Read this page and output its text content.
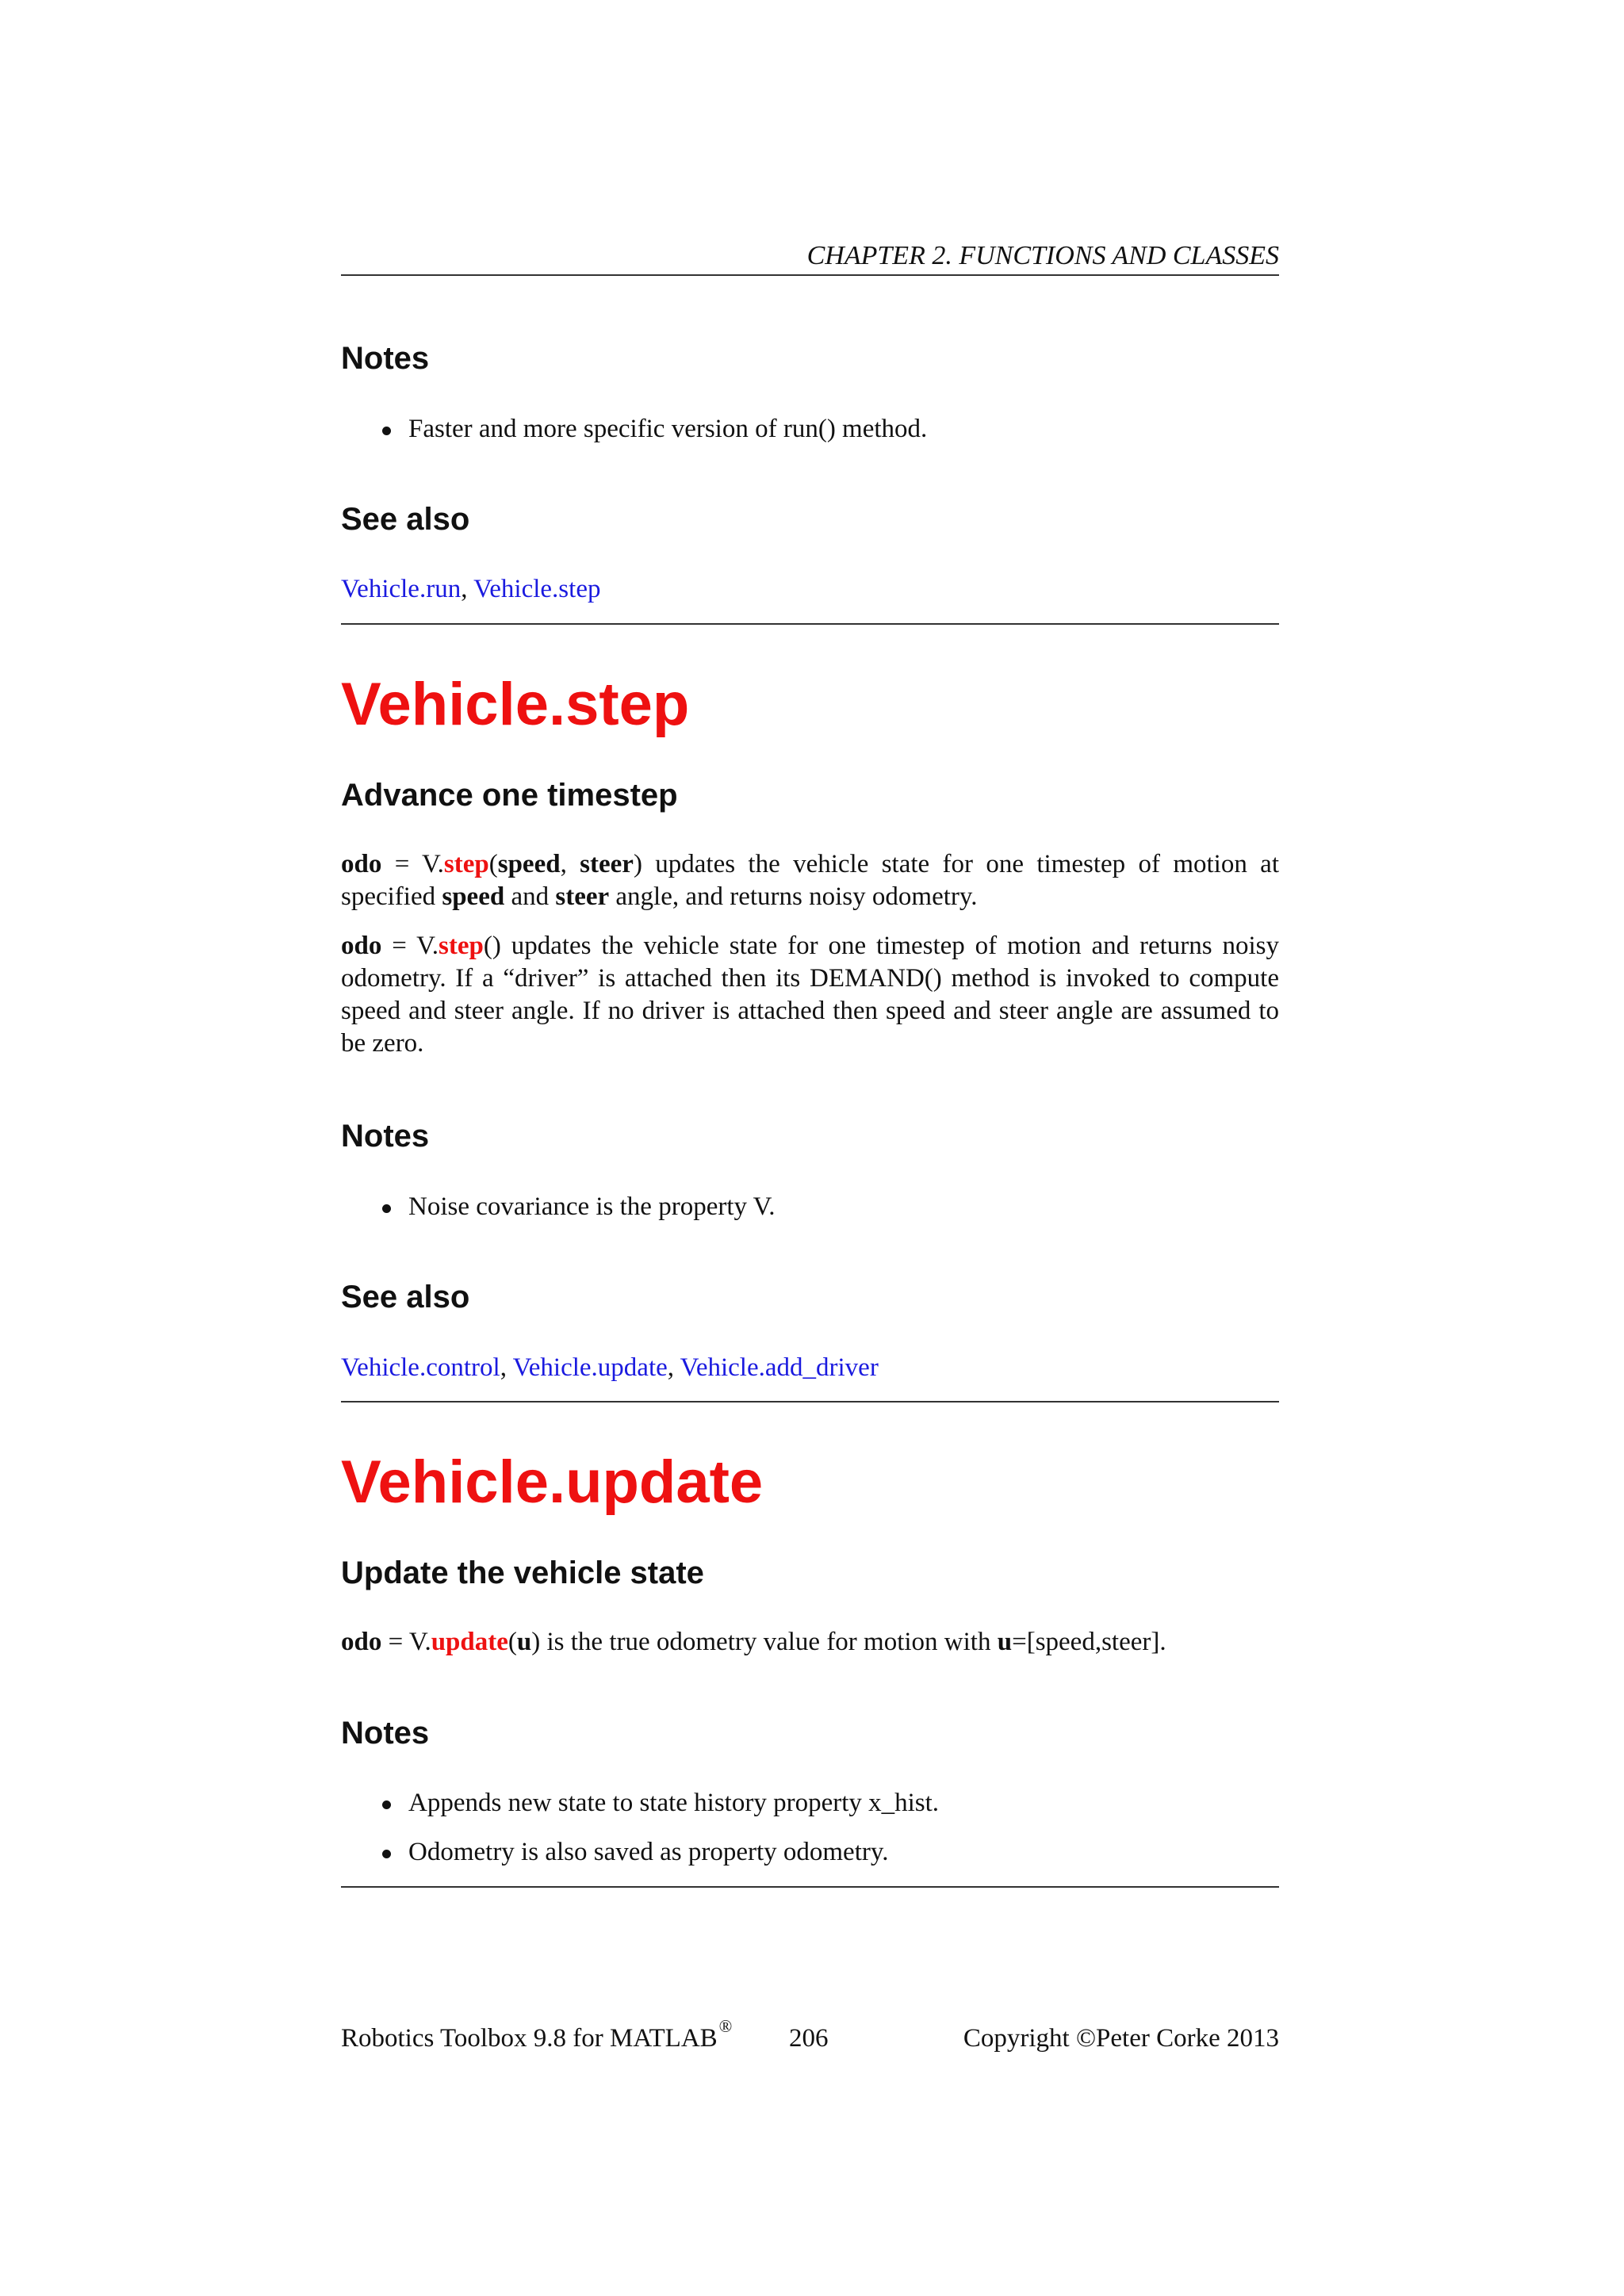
CHAPTER 2. FUNCTIONS AND CLASSES
Notes
Faster and more specific version of run() method.
See also
Vehicle.run, Vehicle.step
Vehicle.step
Advance one timestep

odo = V.step(speed, steer) updates the vehicle state for one timestep of motion at specified speed and steer angle, and returns noisy odometry.

odo = V.step() updates the vehicle state for one timestep of motion and returns noisy odometry. If a “driver” is attached then its DEMAND() method is invoked to compute speed and steer angle. If no driver is attached then speed and steer angle are assumed to be zero.

Notes
Noise covariance is the property V.
See also
Vehicle.control, Vehicle.update, Vehicle.add_driver
Vehicle.update
Update the vehicle state

odo = V.update(u) is the true odometry value for motion with u=[speed,steer].

Notes
Appends new state to state history property x_hist.
Odometry is also saved as property odometry.
Robotics Toolbox 9.8 for MATLAB® 206	Copyright ©Peter Corke 2013
